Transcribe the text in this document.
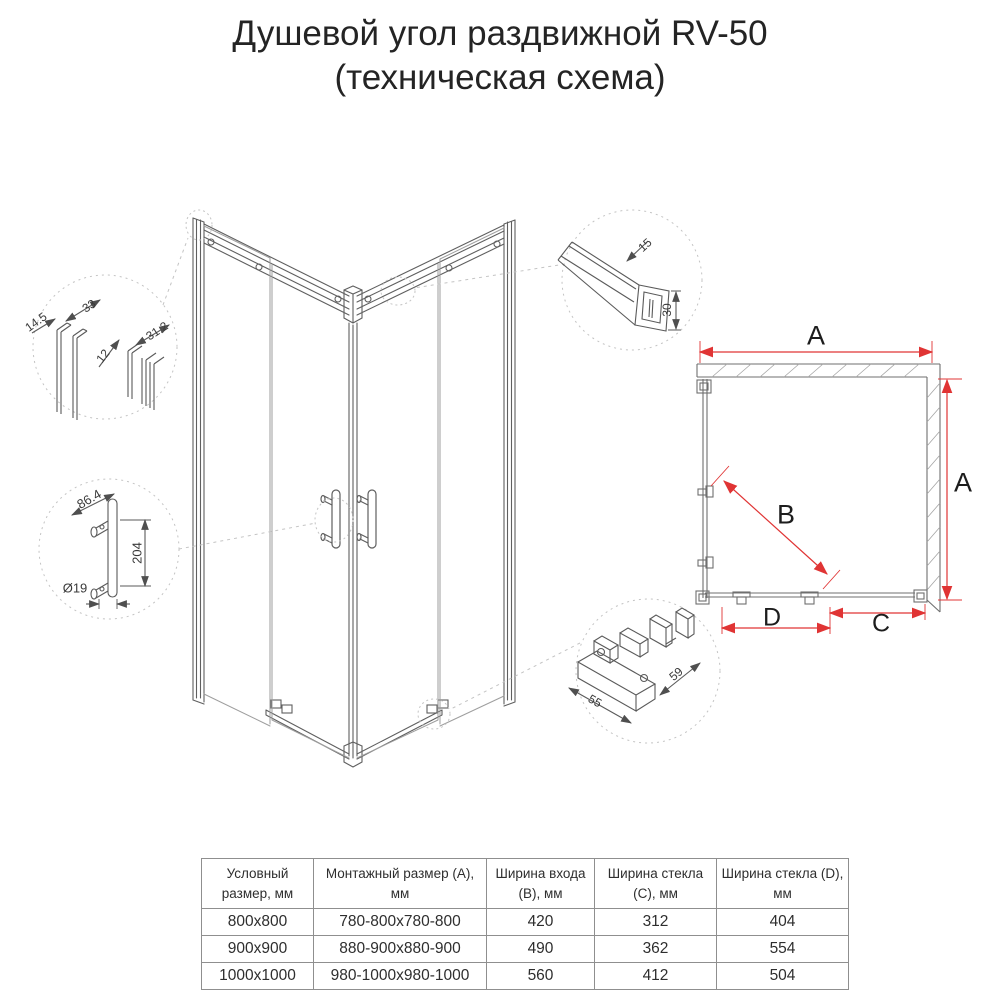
Душевой угол раздвижной RV-50
(техническая схема)
14.5
33
31.2
12
86.4
204
Ø19
15
30
55
59
A
A
B
D	C
Условный размер, мм	Монтажный размер (А), мм	Ширина входа (В), мм	Ширина стекла (С), мм	Ширина стекла (D), мм
800x800	780-800x780-800	420	312	404
900x900	880-900x880-900	490	362	554
1000x1000	980-1000x980-1000	560	412	504
